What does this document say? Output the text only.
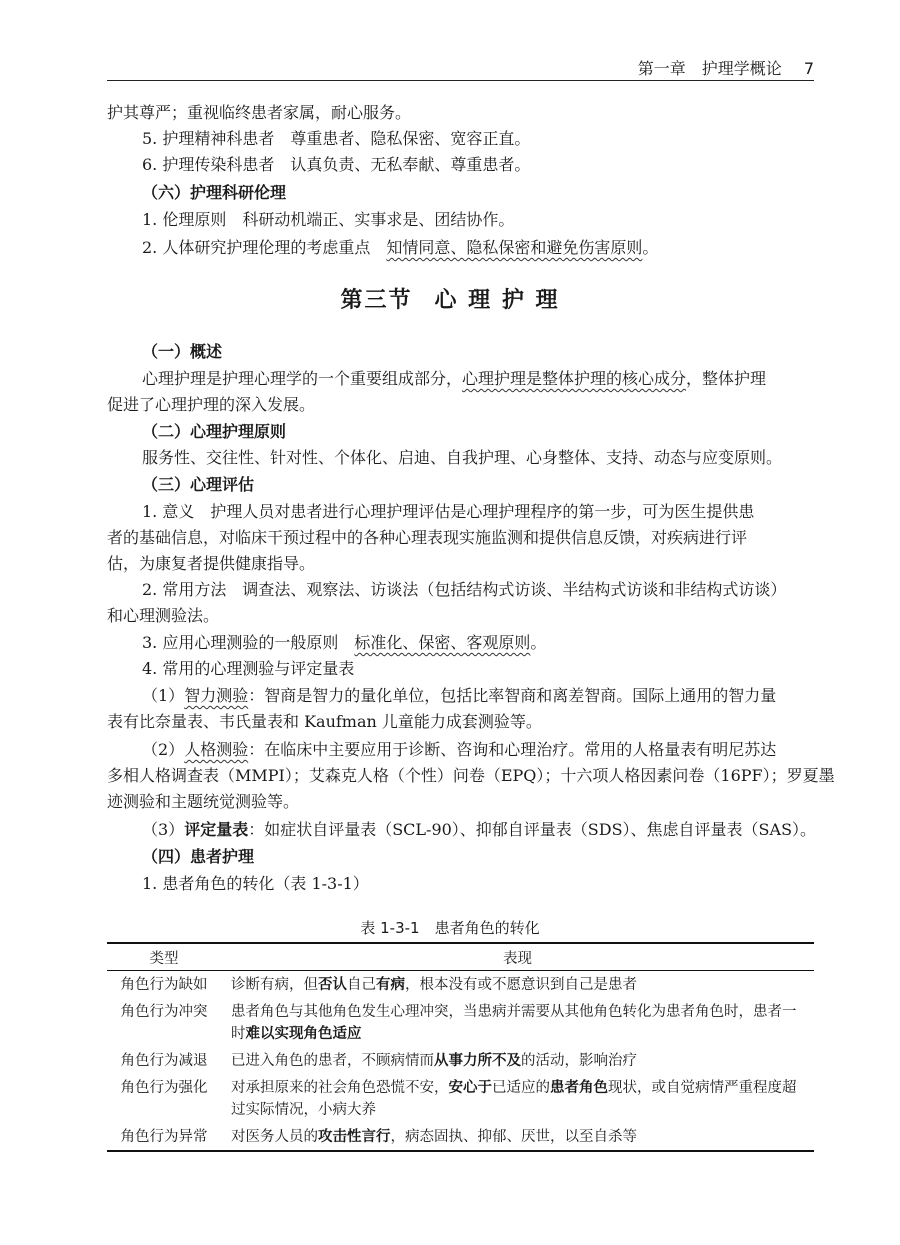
第一章　护理学概论 7
护其尊严；重视临终患者家属，耐心服务。
5. 护理精神科患者　尊重患者、隐私保密、宽容正直。
6. 护理传染科患者　认真负责、无私奉献、尊重患者。
（六）护理科研伦理
1. 伦理原则　科研动机端正、实事求是、团结协作。
2. 人体研究护理伦理的考虑重点　知情同意、隐私保密和避免伤害原则。
第三节 心 理 护 理
（一）概述
心理护理是护理心理学的一个重要组成部分，心理护理是整体护理的核心成分，整体护理
促进了心理护理的深入发展。
（二）心理护理原则
服务性、交往性、针对性、个体化、启迪、自我护理、心身整体、支持、动态与应变原则。
（三）心理评估
1. 意义　护理人员对患者进行心理护理评估是心理护理程序的第一步，可为医生提供患
者的基础信息，对临床干预过程中的各种心理表现实施监测和提供信息反馈，对疾病进行评
估，为康复者提供健康指导。
2. 常用方法　调查法、观察法、访谈法（包括结构式访谈、半结构式访谈和非结构式访谈）
和心理测验法。
3. 应用心理测验的一般原则　标准化、保密、客观原则。
4. 常用的心理测验与评定量表
（1）智力测验：智商是智力的量化单位，包括比率智商和离差智商。国际上通用的智力量
表有比奈量表、韦氏量表和 Kaufman 儿童能力成套测验等。
（2）人格测验：在临床中主要应用于诊断、咨询和心理治疗。常用的人格量表有明尼苏达
多相人格调查表（MMPI）；艾森克人格（个性）问卷（EPQ）；十六项人格因素问卷（16PF）；罗夏墨
迹测验和主题统觉测验等。
（3）评定量表：如症状自评量表（SCL-90）、抑郁自评量表（SDS）、焦虑自评量表（SAS）。
（四）患者护理
1. 患者角色的转化（表 1-3-1）
表 1-3-1　患者角色的转化
类型	表现
角色行为缺如	诊断有病，但否认自己有病，根本没有或不愿意识到自己是患者
角色行为冲突	患者角色与其他角色发生心理冲突，当患病并需要从其他角色转化为患者角色时，患者一时难以实现角色适应
角色行为减退	已进入角色的患者，不顾病情而从事力所不及的活动，影响治疗
角色行为强化	对承担原来的社会角色恐慌不安，安心于已适应的患者角色现状，或自觉病情严重程度超过实际情况，小病大养
角色行为异常	对医务人员的攻击性言行，病态固执、抑郁、厌世，以至自杀等
